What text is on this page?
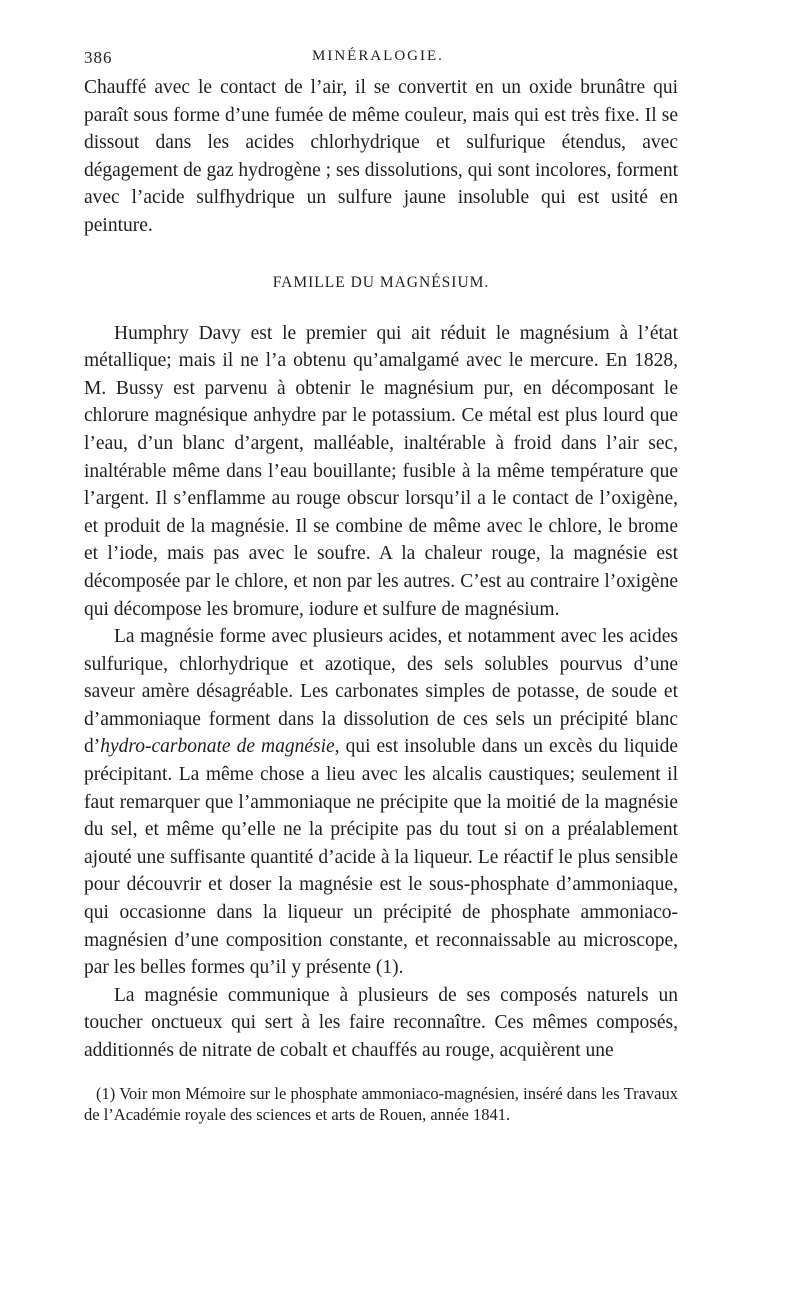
386	MINÉRALOGIE.

Chauffé avec le contact de l’air, il se convertit en un oxide brunâtre qui paraît sous forme d’une fumée de même couleur, mais qui est très fixe. Il se dissout dans les acides chlorhydrique et sulfurique étendus, avec dégagement de gaz hydrogène ; ses dissolutions, qui sont incolores, forment avec l’acide sulfhydrique un sulfure jaune insoluble qui est usité en peinture.

FAMILLE DU MAGNÉSIUM.

Humphry Davy est le premier qui ait réduit le magnésium à l’état métallique; mais il ne l’a obtenu qu’amalgamé avec le mercure. En 1828, M. Bussy est parvenu à obtenir le magnésium pur, en décomposant le chlorure magnésique anhydre par le potassium. Ce métal est plus lourd que l’eau, d’un blanc d’argent, malléable, inaltérable à froid dans l’air sec, inaltérable même dans l’eau bouillante; fusible à la même température que l’argent. Il s’enflamme au rouge obscur lorsqu’il a le contact de l’oxigène, et produit de la magnésie. Il se combine de même avec le chlore, le brome et l’iode, mais pas avec le soufre. A la chaleur rouge, la magnésie est décomposée par le chlore, et non par les autres. C’est au contraire l’oxigène qui décompose les bromure, iodure et sulfure de magnésium.

La magnésie forme avec plusieurs acides, et notamment avec les acides sulfurique, chlorhydrique et azotique, des sels solubles pourvus d’une saveur amère désagréable. Les carbonates simples de potasse, de soude et d’ammoniaque forment dans la dissolution de ces sels un précipité blanc d’hydro-carbonate de magnésie, qui est insoluble dans un excès du liquide précipitant. La même chose a lieu avec les alcalis caustiques; seulement il faut remarquer que l’ammoniaque ne précipite que la moitié de la magnésie du sel, et même qu’elle ne la précipite pas du tout si on a préalablement ajouté une suffisante quantité d’acide à la liqueur. Le réactif le plus sensible pour découvrir et doser la magnésie est le sous-phosphate d’ammoniaque, qui occasionne dans la liqueur un précipité de phosphate ammoniaco-magnésien d’une composition constante, et reconnaissable au microscope, par les belles formes qu’il y présente (1).

La magnésie communique à plusieurs de ses composés naturels un toucher onctueux qui sert à les faire reconnaître. Ces mêmes composés, additionnés de nitrate de cobalt et chauffés au rouge, acquièrent une

(1) Voir mon Mémoire sur le phosphate ammoniaco-magnésien, inséré dans les Travaux de l’Académie royale des sciences et arts de Rouen, année 1841.
